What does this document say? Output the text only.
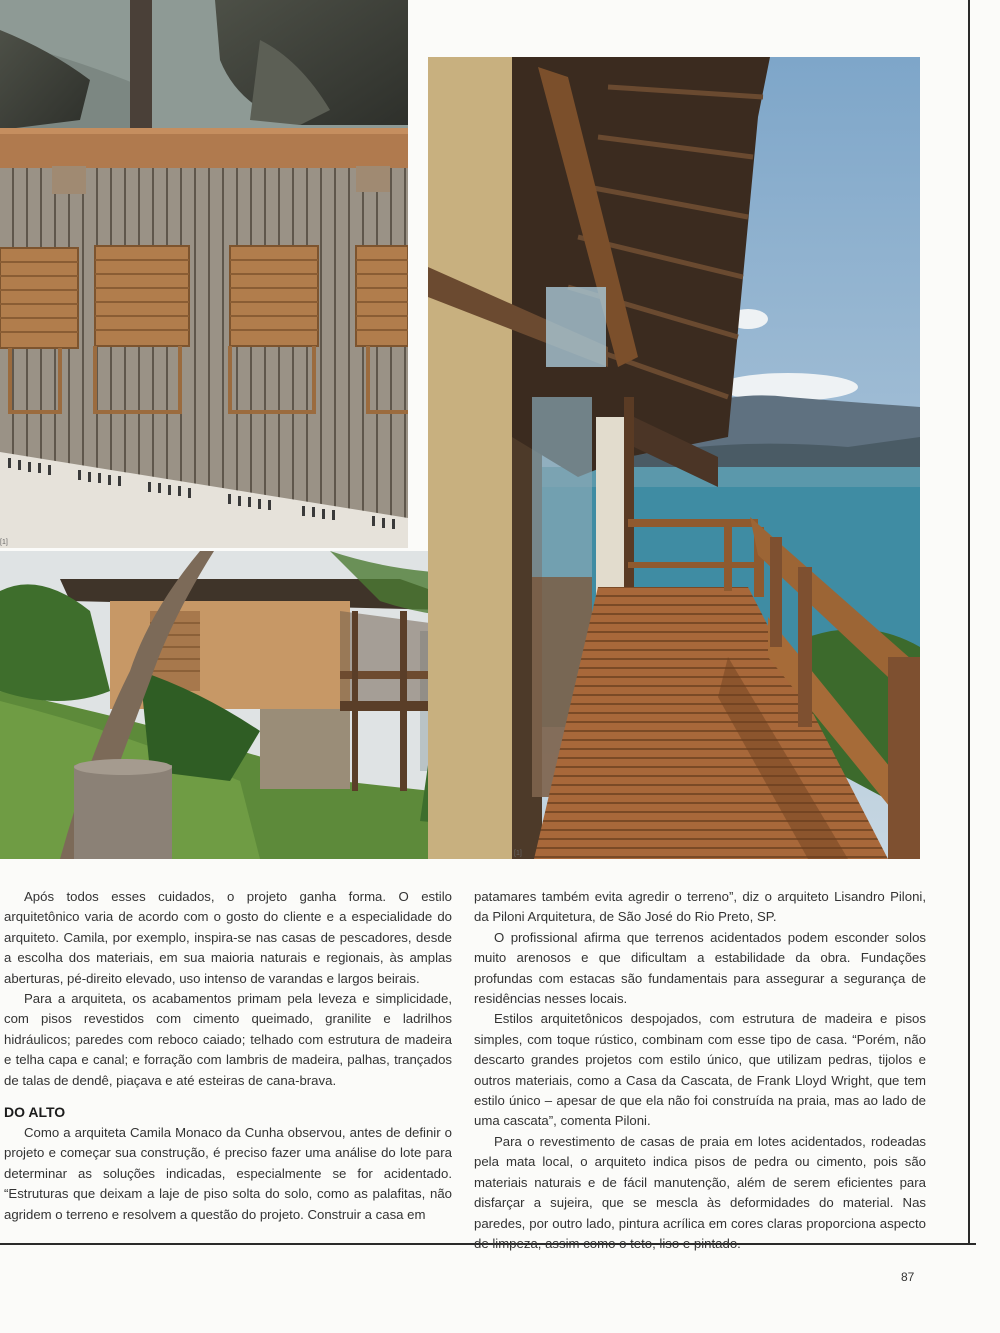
[1]
[1]

Após todos esses cuidados, o projeto ganha forma. O estilo arquitetônico varia de acordo com o gosto do cliente e a especialidade do arquiteto. Camila, por exemplo, inspira-se nas casas de pescadores, desde a escolha dos materiais, em sua maioria naturais e regionais, às amplas aberturas, pé-direito elevado, uso intenso de varandas e largos beirais.

Para a arquiteta, os acabamentos primam pela leveza e simplicidade, com pisos revestidos com cimento queimado, granilite e ladrilhos hidráulicos; paredes com reboco caiado; telhado com estrutura de madeira e telha capa e canal; e forração com lambris de madeira, palhas, trançados de talas de dendê, piaçava e até esteiras de cana-brava.

DO ALTO

Como a arquiteta Camila Monaco da Cunha observou, antes de definir o projeto e começar sua construção, é preciso fazer uma análise do lote para determinar as soluções indicadas, especialmente se for acidentado. “Estruturas que deixam a laje de piso solta do solo, como as palafitas, não agridem o terreno e resolvem a questão do projeto. Construir a casa em

patamares também evita agredir o terreno”, diz o arquiteto Lisandro Piloni, da Piloni Arquitetura, de São José do Rio Preto, SP.

O profissional afirma que terrenos acidentados podem esconder solos muito arenosos e que dificultam a estabilidade da obra. Fundações profundas com estacas são fundamentais para assegurar a segurança de residências nesses locais.

Estilos arquitetônicos despojados, com estrutura de madeira e pisos simples, com toque rústico, combinam com esse tipo de casa. “Porém, não descarto grandes projetos com estilo único, que utilizam pedras, tijolos e outros materiais, como a Casa da Cascata, de Frank Lloyd Wright, que tem estilo único – apesar de que ela não foi construída na praia, mas ao lado de uma cascata”, comenta Piloni.

Para o revestimento de casas de praia em lotes acidentados, rodeadas pela mata local, o arquiteto indica pisos de pedra ou cimento, pois são materiais naturais e de fácil manutenção, além de serem eficientes para disfarçar a sujeira, que se mescla às deformidades do material. Nas paredes, por outro lado, pintura acrílica em cores claras proporciona aspecto de limpeza, assim como o teto, liso e pintado.

87
